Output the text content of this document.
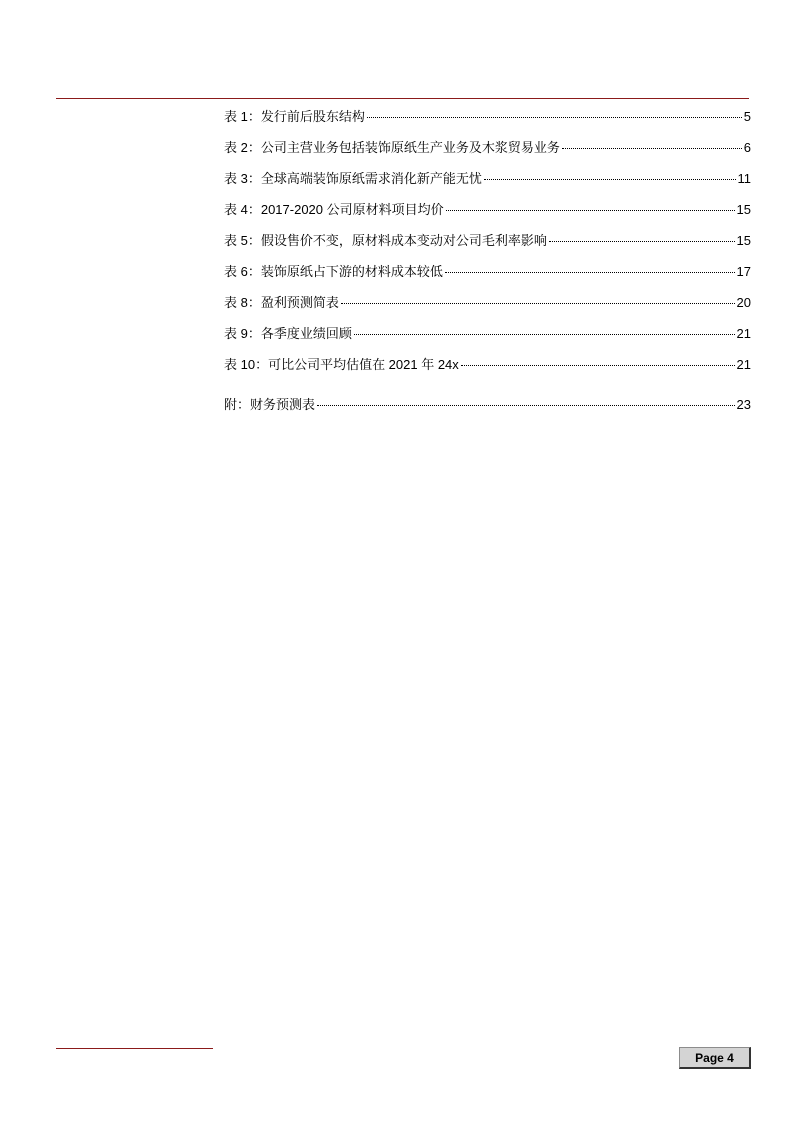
表 1：发行前后股东结构	5
表 2：公司主营业务包括装饰原纸生产业务及木浆贸易业务	6
表 3：全球高端装饰原纸需求消化新产能无忧	11
表 4：2017-2020 公司原材料项目均价	15
表 5：假设售价不变，原材料成本变动对公司毛利率影响	15
表 6：装饰原纸占下游的材料成本较低	17
表 8：盈利预测简表	20
表 9：各季度业绩回顾	21
表 10：可比公司平均估值在 2021 年 24x	21
附：财务预测表	23
Page 4
